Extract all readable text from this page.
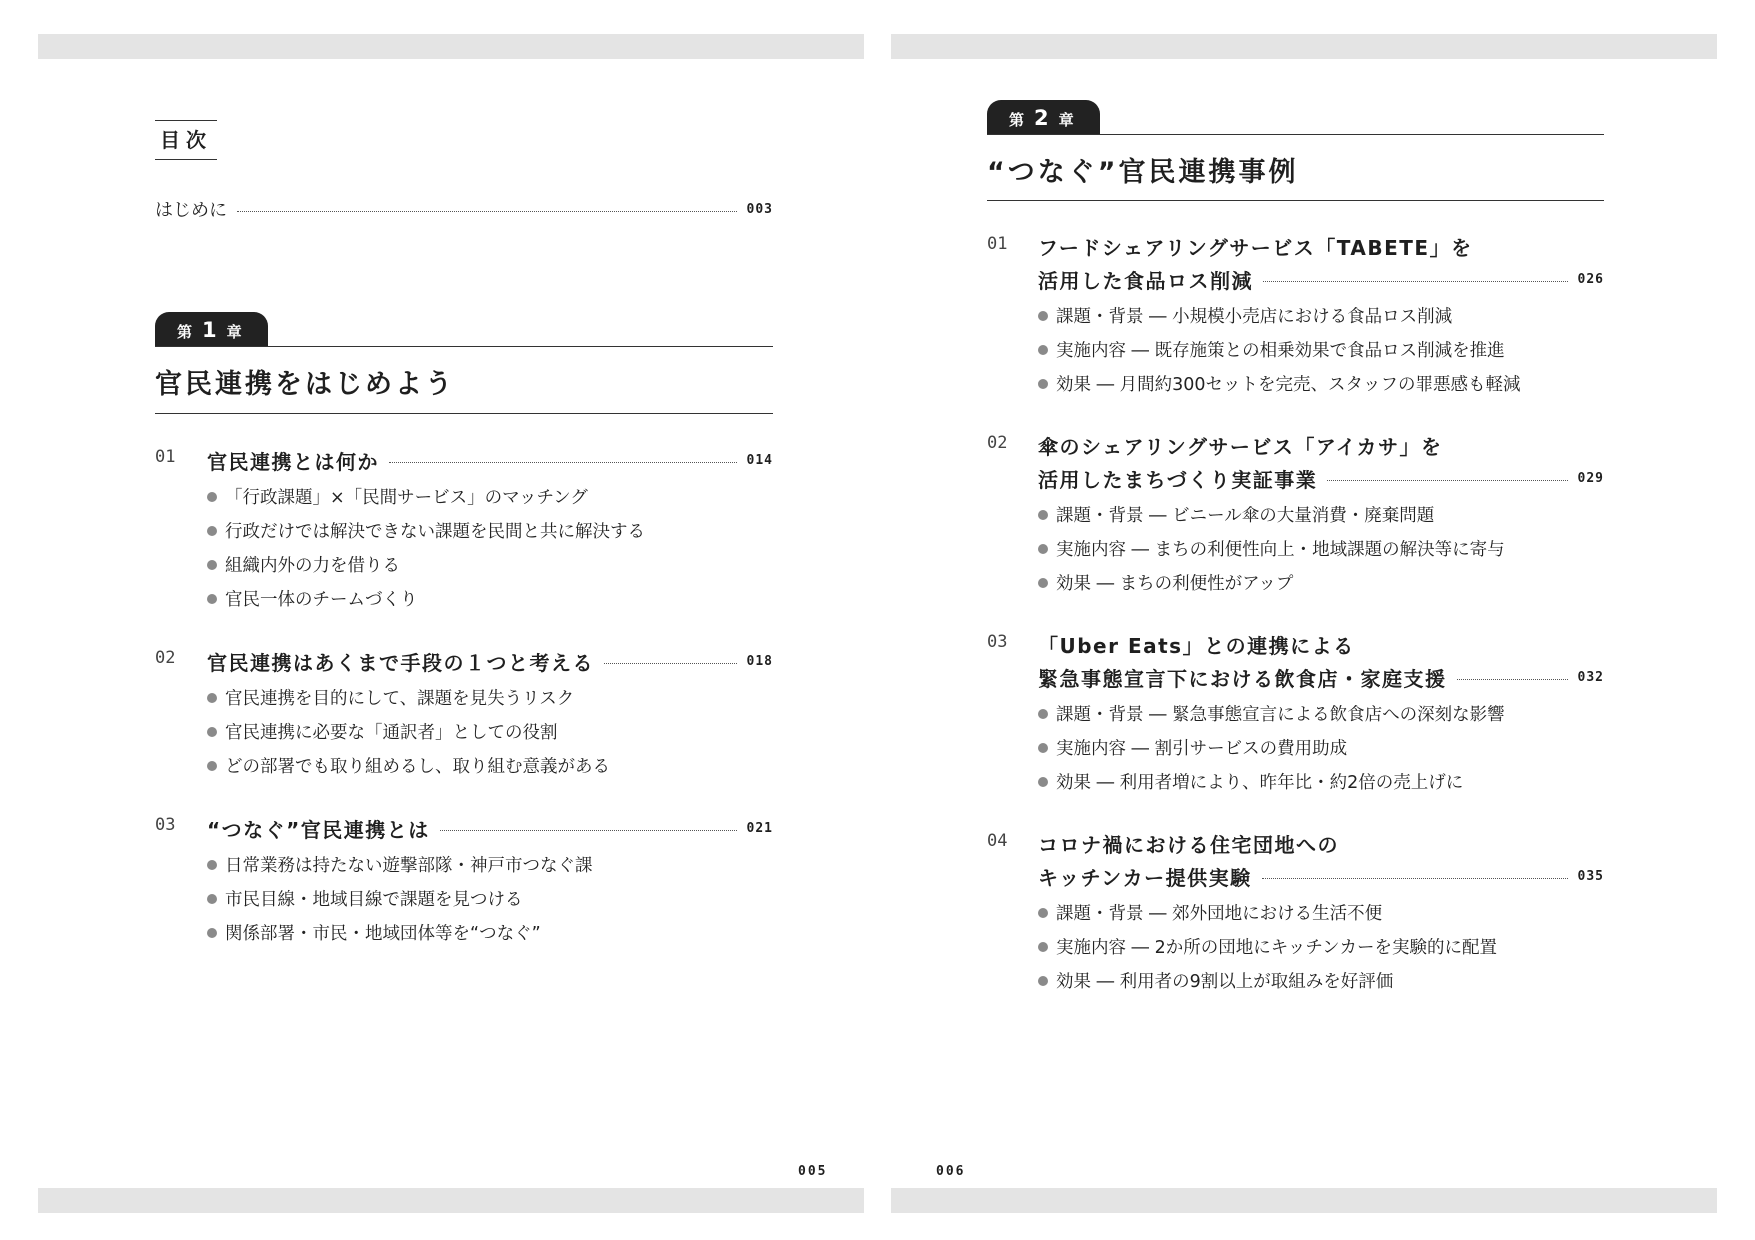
目次
はじめに	003
第 1 章
官民連携をはじめよう
01 官民連携とは何か	014
「行政課題」×「民間サービス」のマッチング
行政だけでは解決できない課題を民間と共に解決する
組織内外の力を借りる
官民一体のチームづくり
02 官民連携はあくまで手段の１つと考える	018
官民連携を目的にして、課題を見失うリスク
官民連携に必要な「通訳者」としての役割
どの部署でも取り組めるし、取り組む意義がある
03 “つなぐ”官民連携とは	021
日常業務は持たない遊撃部隊・神戸市つなぐ課
市民目線・地域目線で課題を見つける
関係部署・市民・地域団体等を“つなぐ”
005
第 2 章
“つなぐ”官民連携事例
01 フードシェアリングサービス「TABETE」を
活用した食品ロス削減	026
課題・背景 ― 小規模小売店における食品ロス削減
実施内容 ― 既存施策との相乗効果で食品ロス削減を推進
効果 ― 月間約300セットを完売、スタッフの罪悪感も軽減
02 傘のシェアリングサービス「アイカサ」を
活用したまちづくり実証事業	029
課題・背景 ― ビニール傘の大量消費・廃棄問題
実施内容 ― まちの利便性向上・地域課題の解決等に寄与
効果 ― まちの利便性がアップ
03 「Uber Eats」との連携による
緊急事態宣言下における飲食店・家庭支援	032
課題・背景 ― 緊急事態宣言による飲食店への深刻な影響
実施内容 ― 割引サービスの費用助成
効果 ― 利用者増により、昨年比・約2倍の売上げに
04 コロナ禍における住宅団地への
キッチンカー提供実験	035
課題・背景 ― 郊外団地における生活不便
実施内容 ― 2か所の団地にキッチンカーを実験的に配置
効果 ― 利用者の9割以上が取組みを好評価
006
